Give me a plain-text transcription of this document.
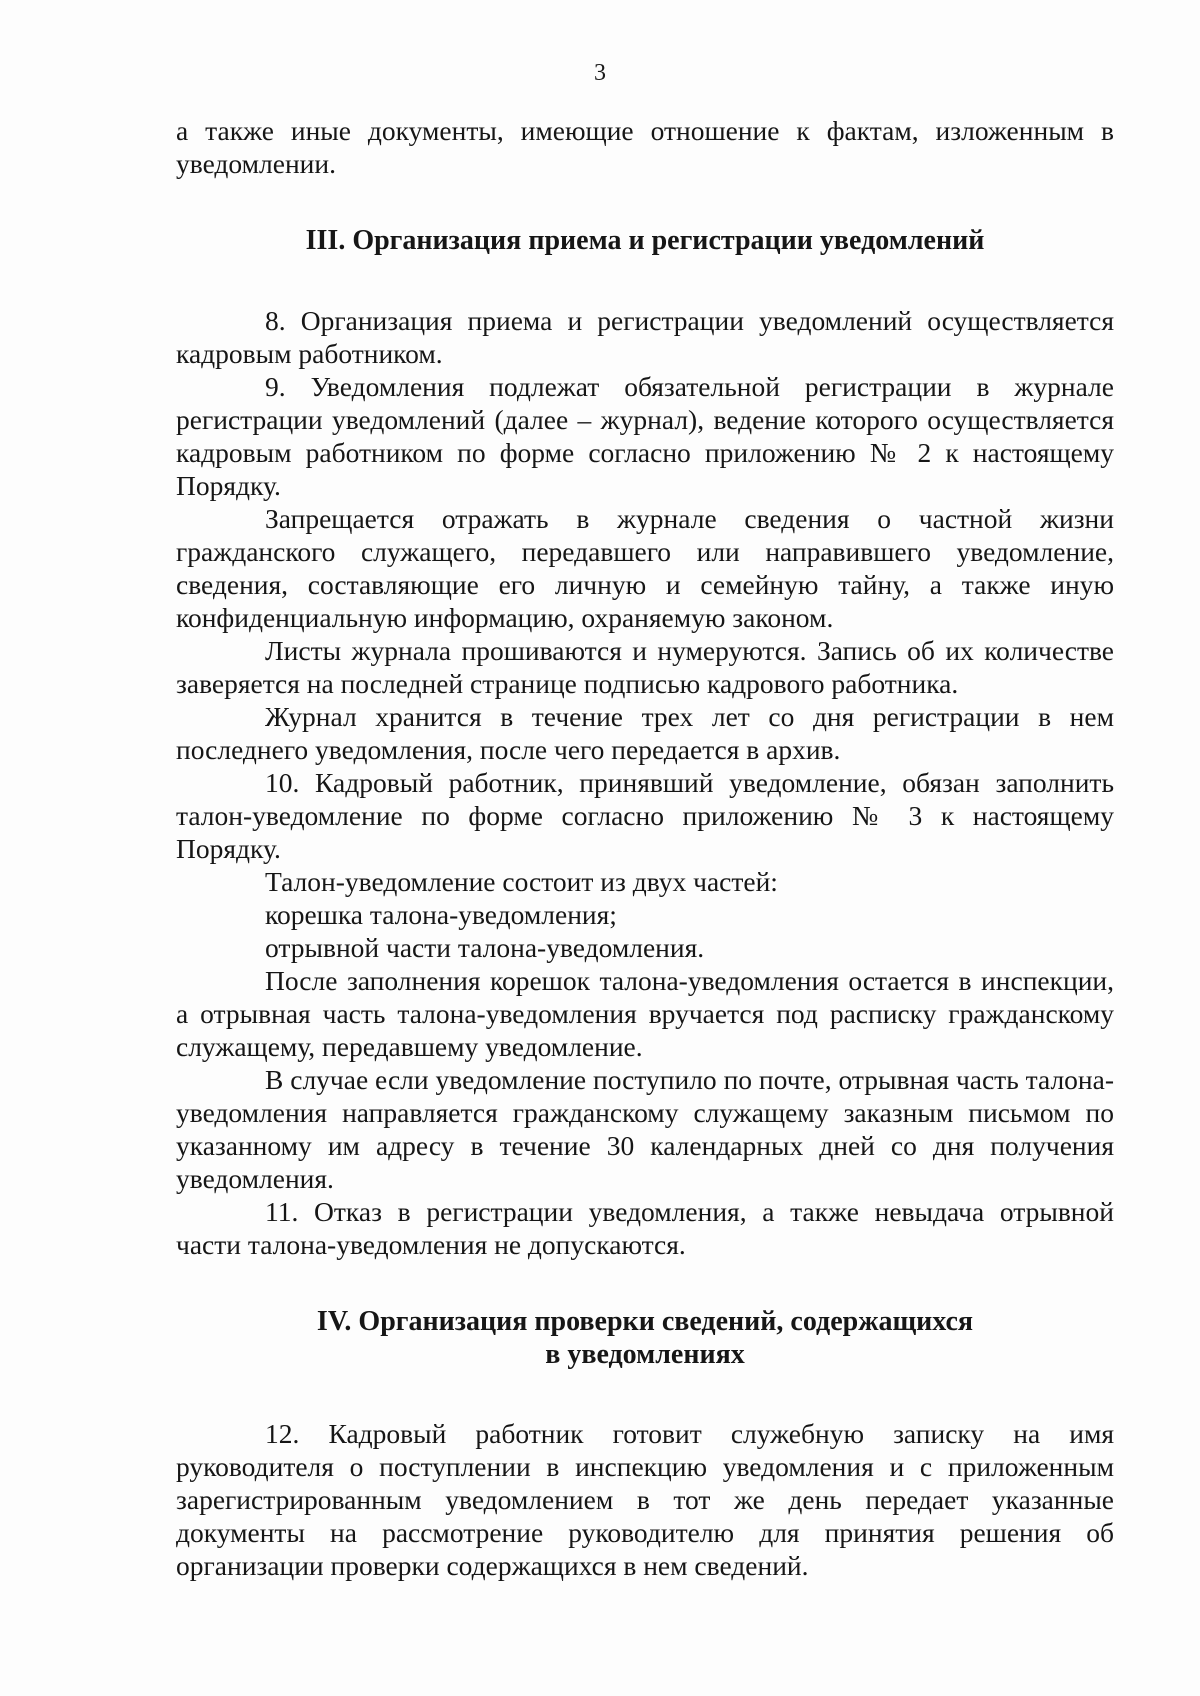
3

а также иные документы, имеющие отношение к фактам, изложенным в уведомлении.

III. Организация приема и регистрации уведомлений

8. Организация приема и регистрации уведомлений осуществляется кадровым работником.

9. Уведомления подлежат обязательной регистрации в журнале регистрации уведомлений (далее – журнал), ведение которого осуществляется кадровым работником по форме согласно приложению № 2 к настоящему Порядку.

Запрещается отражать в журнале сведения о частной жизни гражданского служащего, передавшего или направившего уведомление, сведения, составляющие его личную и семейную тайну, а также иную конфиденциальную информацию, охраняемую законом.

Листы журнала прошиваются и нумеруются. Запись об их количестве заверяется на последней странице подписью кадрового работника.

Журнал хранится в течение трех лет со дня регистрации в нем последнего уведомления, после чего передается в архив.

10. Кадровый работник, принявший уведомление, обязан заполнить талон-уведомление по форме согласно приложению № 3 к настоящему Порядку.

Талон-уведомление состоит из двух частей:

корешка талона-уведомления;

отрывной части талона-уведомления.

После заполнения корешок талона-уведомления остается в инспекции, а отрывная часть талона-уведомления вручается под расписку гражданскому служащему, передавшему уведомление.

В случае если уведомление поступило по почте, отрывная часть талона-уведомления направляется гражданскому служащему заказным письмом по указанному им адресу в течение 30 календарных дней со дня получения уведомления.

11. Отказ в регистрации уведомления, а также невыдача отрывной части талона-уведомления не допускаются.

IV. Организация проверки сведений, содержащихся
в уведомлениях

12. Кадровый работник готовит служебную записку на имя руководителя о поступлении в инспекцию уведомления и с приложенным зарегистрированным уведомлением в тот же день передает указанные документы на рассмотрение руководителю для принятия решения об организации проверки содержащихся в нем сведений.
